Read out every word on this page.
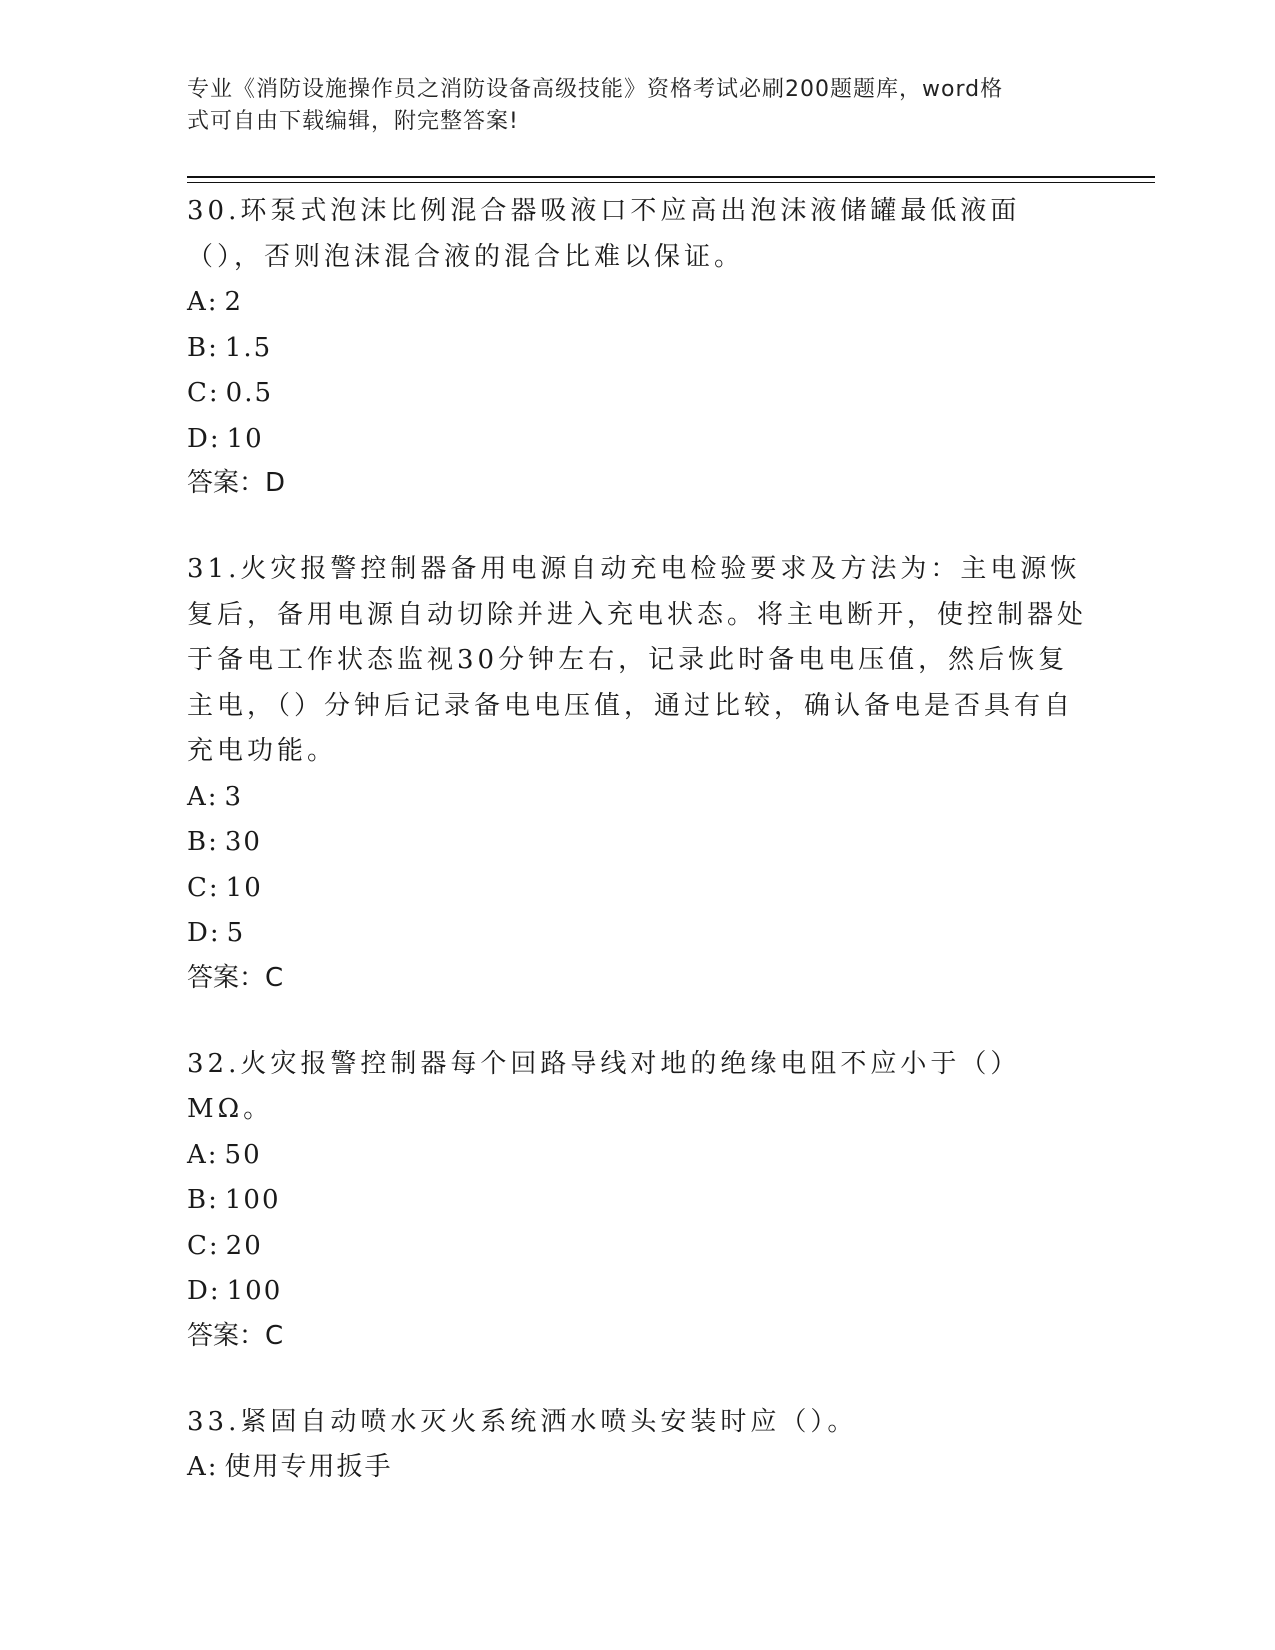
专业《消防设施操作员之消防设备高级技能》资格考试必刷200题题库，word格
式可自由下载编辑，附完整答案!

30.环泵式泡沫比例混合器吸液口不应高出泡沫液储罐最低液面（），否则泡沫混合液的混合比难以保证。

A: 2

B: 1.5

C: 0.5

D: 10

答案：D

31.火灾报警控制器备用电源自动充电检验要求及方法为：主电源恢复后，备用电源自动切除并进入充电状态。将主电断开，使控制器处于备电工作状态监视30分钟左右，记录此时备电电压值，然后恢复主电，（）分钟后记录备电电压值，通过比较，确认备电是否具有自充电功能。

A: 3

B: 30

C: 10

D: 5

答案：C

32.火灾报警控制器每个回路导线对地的绝缘电阻不应小于（）MΩ。

A: 50

B: 100

C: 20

D: 100

答案：C

33.紧固自动喷水灭火系统洒水喷头安装时应（）。

A: 使用专用扳手
